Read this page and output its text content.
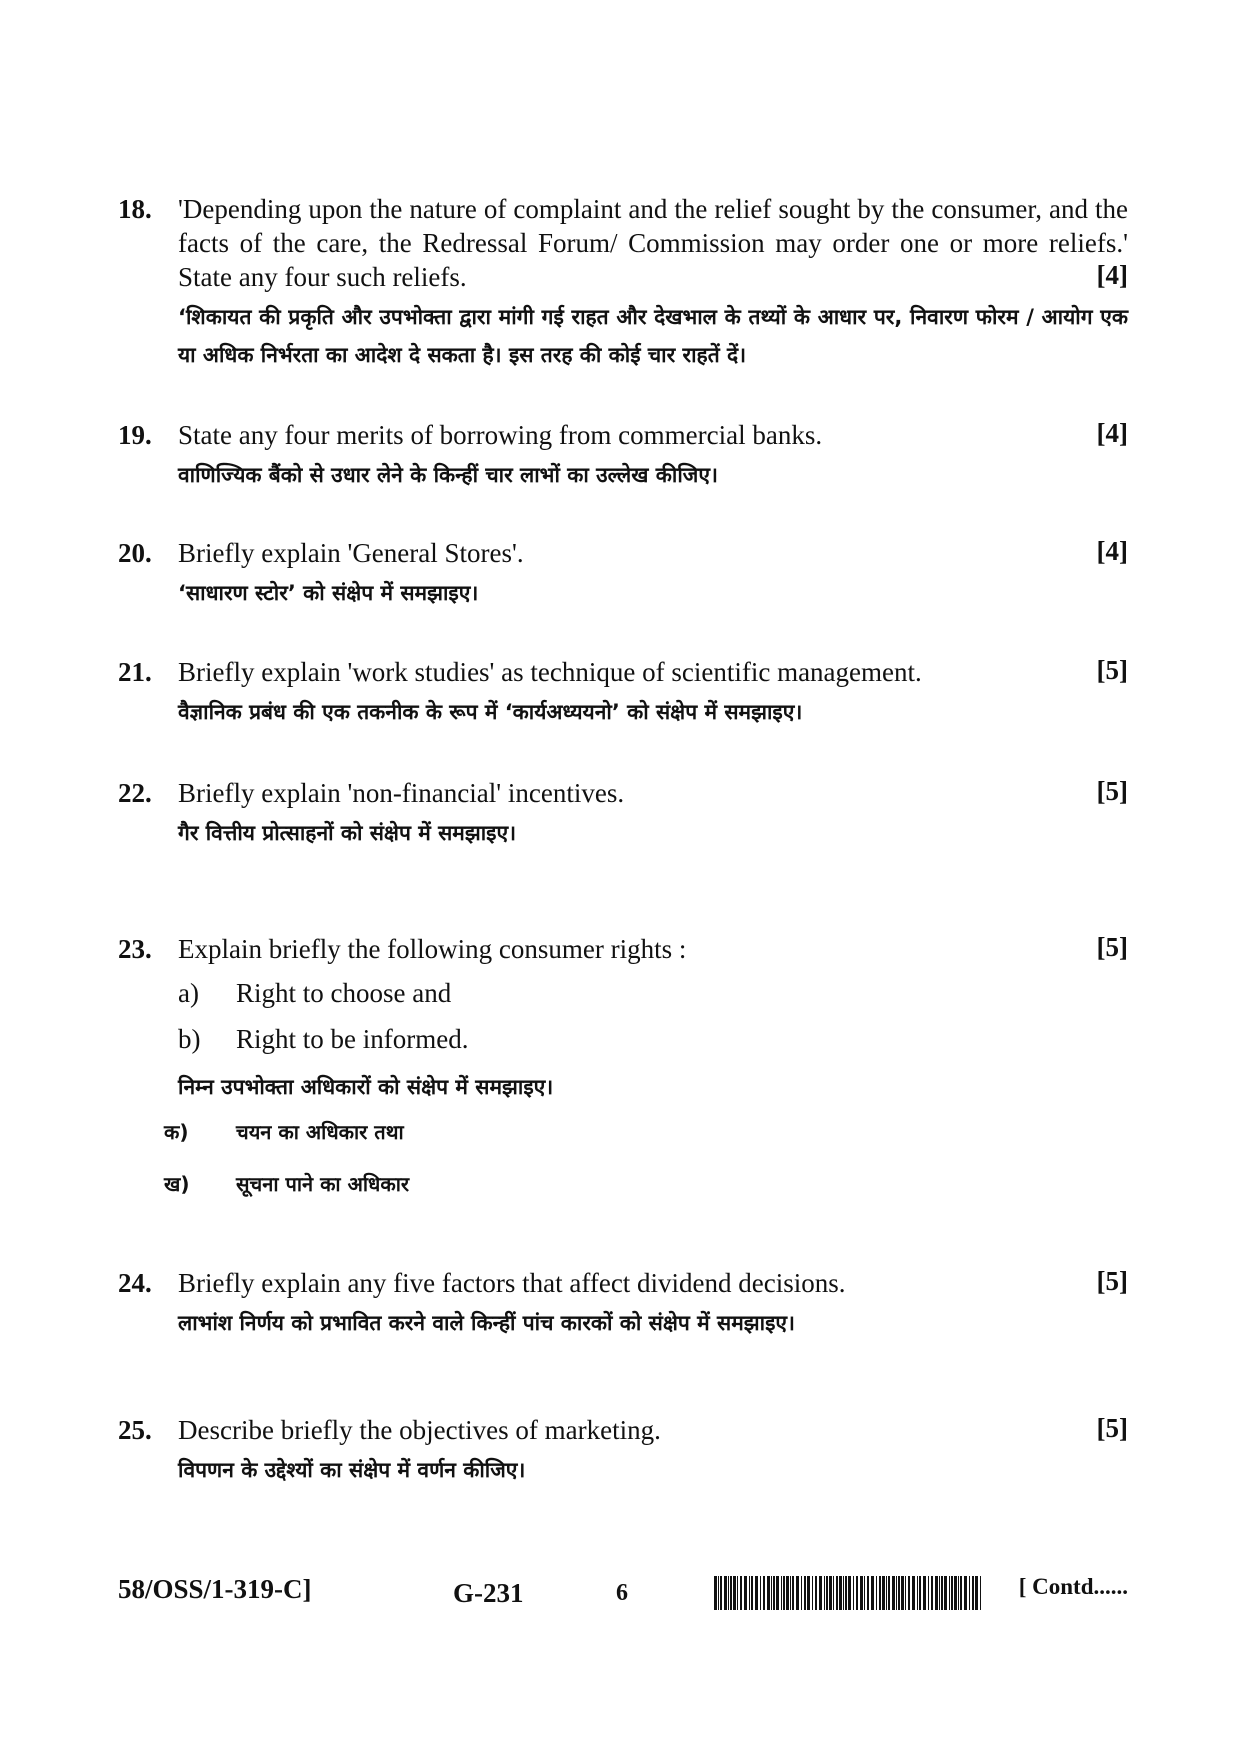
18. 'Depending upon the nature of complaint and the relief sought by the consumer, and the facts of the care, the Redressal Forum/ Commission may order one or more reliefs.' State any four such reliefs.	[4]
‘शिकायत की प्रकृति और उपभोक्ता द्वारा मांगी गई राहत और देखभाल के तथ्यों के आधार पर, निवारण फोरम / आयोग एक या अधिक निर्भरता का आदेश दे सकता है। इस तरह की कोई चार राहतें दें।
19. State any four merits of borrowing from commercial banks.	[4]
वाणिज्यिक बैंको से उधार लेने के किन्हीं चार लाभों का उल्लेख कीजिए।
20. Briefly explain 'General Stores'.	[4]
‘साधारण स्टोर’ को संक्षेप में समझाइए।
21. Briefly explain 'work studies' as technique of scientific management.	[5]
वैज्ञानिक प्रबंध की एक तकनीक के रूप में ‘कार्यअध्ययनो’ को संक्षेप में समझाइए।
22. Briefly explain 'non-financial' incentives.	[5]
गैर वित्तीय प्रोत्साहनों को संक्षेप में समझाइए।
23. Explain briefly the following consumer rights :	[5]
a)	Right to choose and
b)	Right to be informed.
निम्न उपभोक्ता अधिकारों को संक्षेप में समझाइए।
क)	चयन का अधिकार तथा
ख)	सूचना पाने का अधिकार
24. Briefly explain any five factors that affect dividend decisions.	[5]
लाभांश निर्णय को प्रभावित करने वाले किन्हीं पांच कारकों को संक्षेप में समझाइए।
25. Describe briefly the objectives of marketing.	[5]
विपणन के उद्देश्यों का संक्षेप में वर्णन कीजिए।
58/OSS/1-319-C]	G-231	6	[ Contd......
